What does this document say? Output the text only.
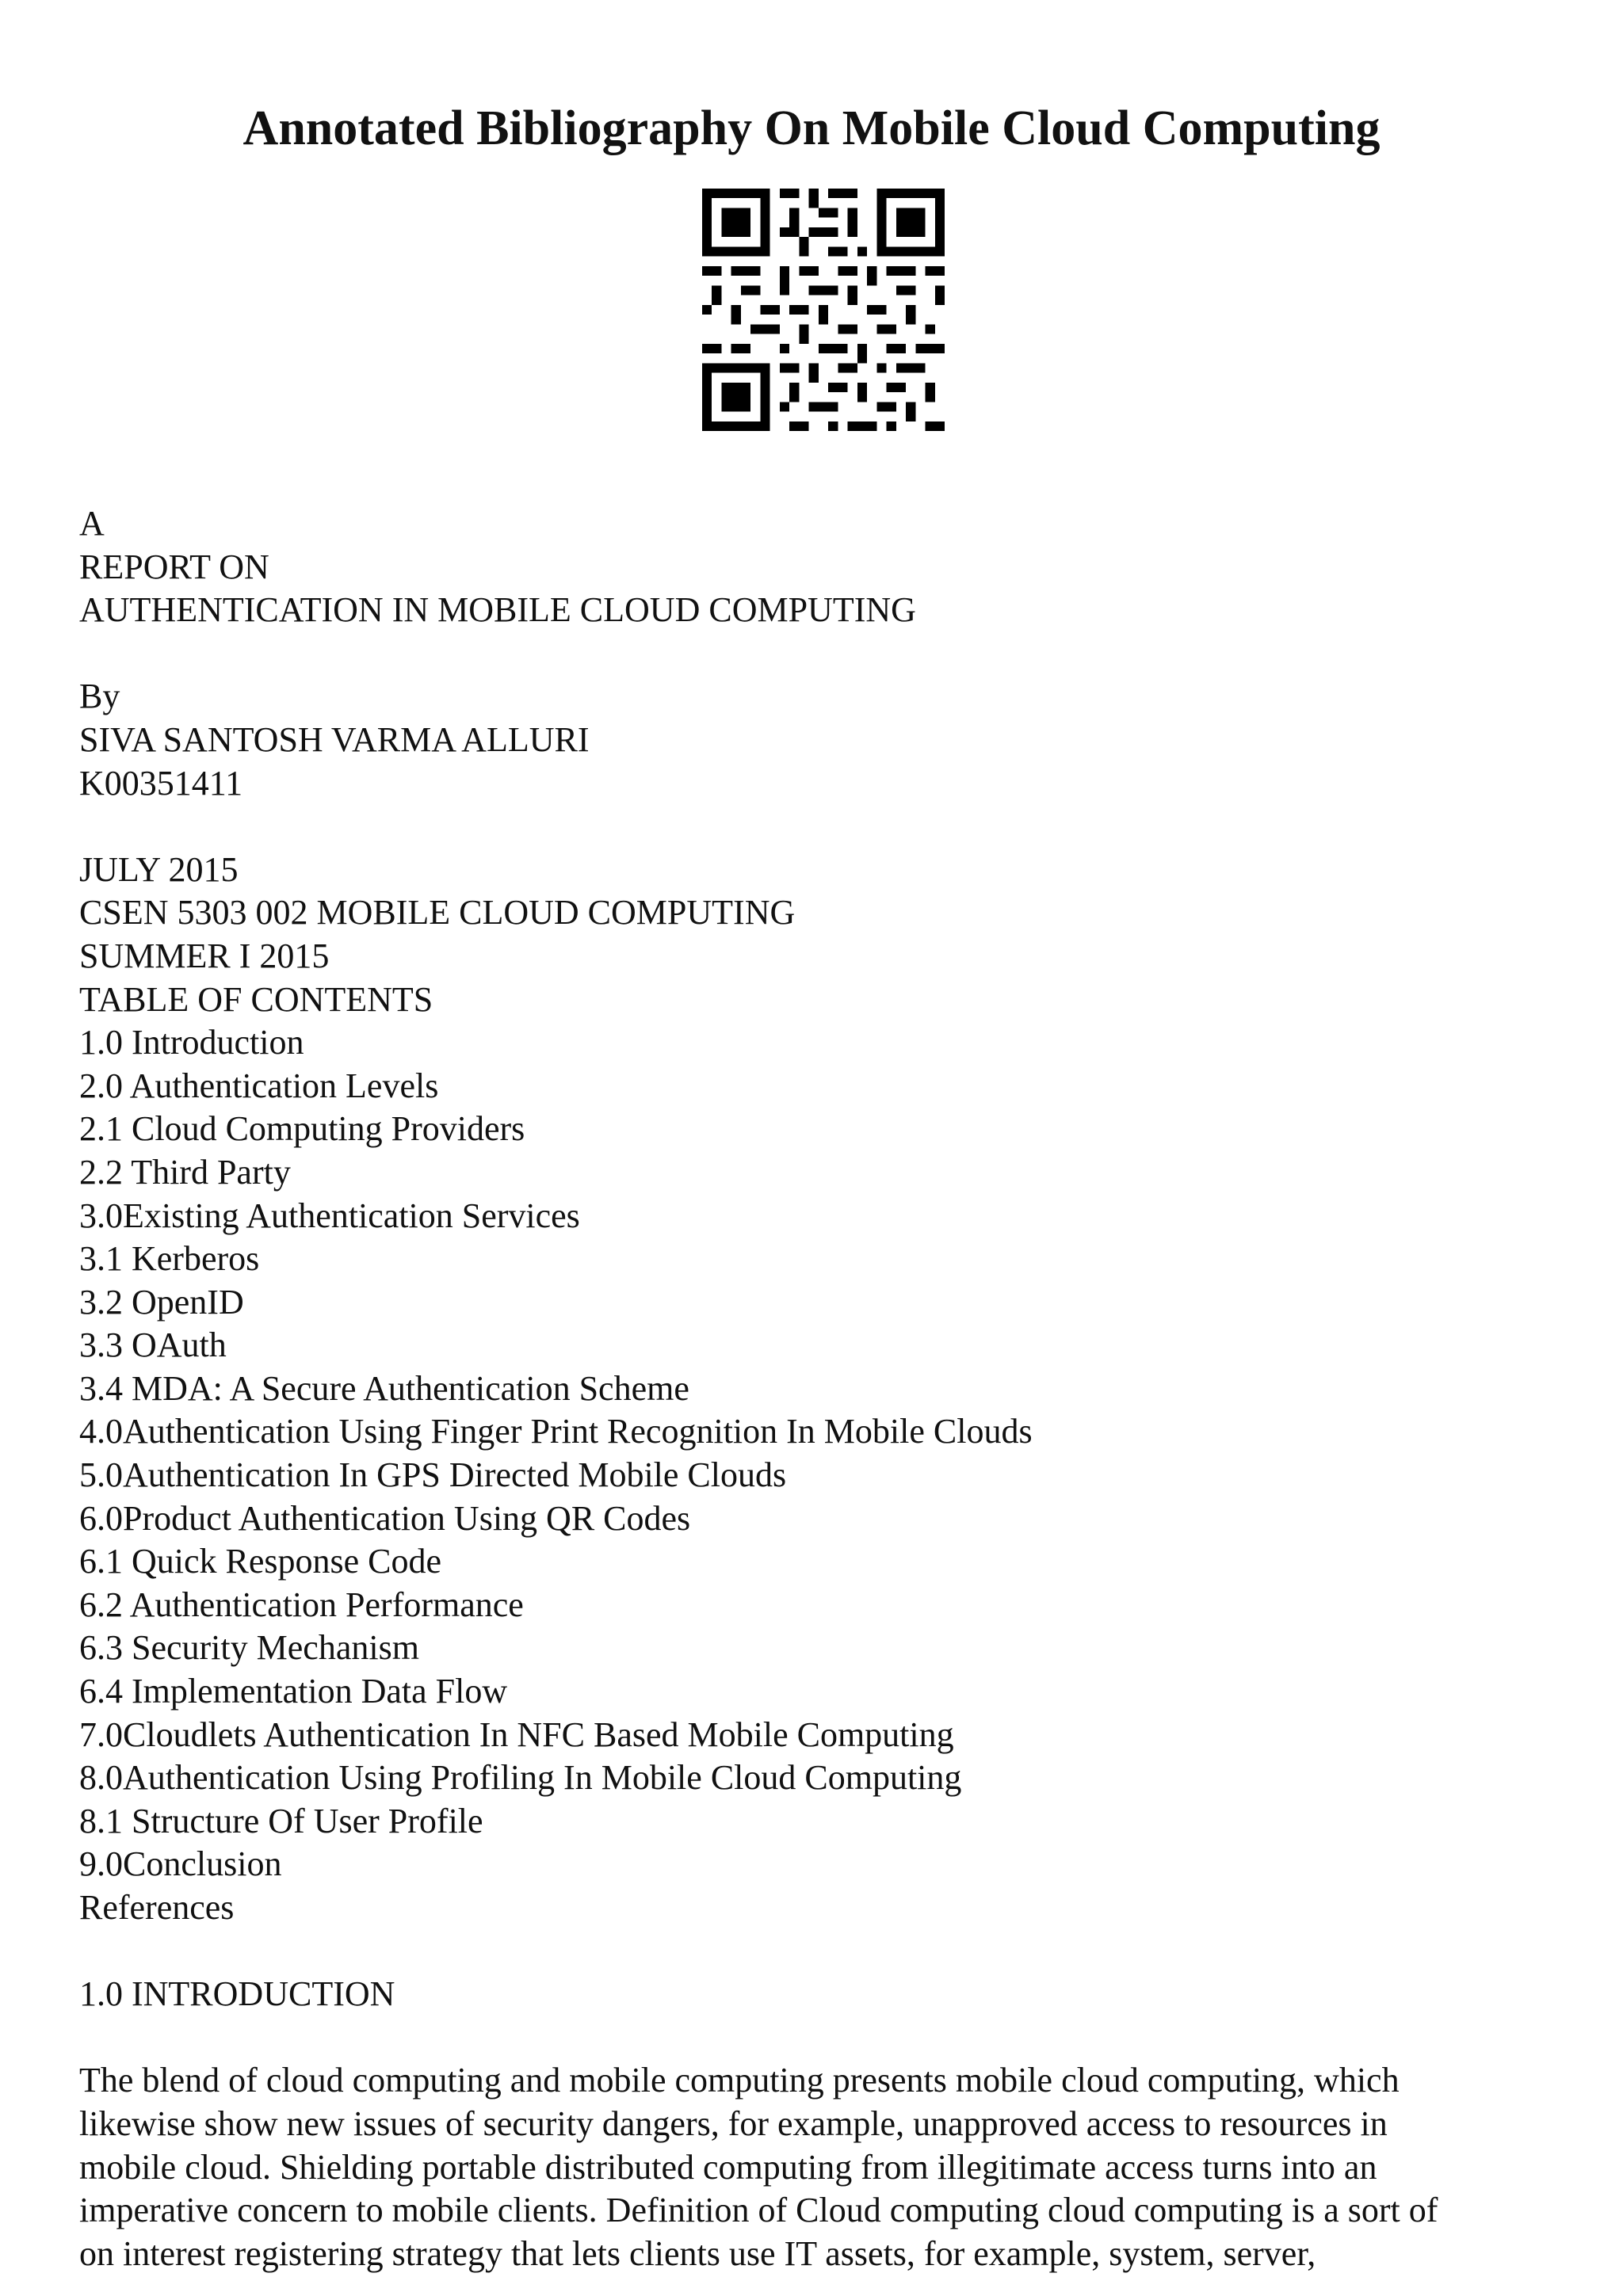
Annotated Bibliography On Mobile Cloud Computing
A
REPORT ON
AUTHENTICATION IN MOBILE CLOUD COMPUTING
By
SIVA SANTOSH VARMA ALLURI
K00351411
JULY 2015
CSEN 5303 002 MOBILE CLOUD COMPUTING
SUMMER I 2015
TABLE OF CONTENTS
1.0 Introduction
2.0 Authentication Levels
2.1 Cloud Computing Providers
2.2 Third Party
3.0Existing Authentication Services
3.1 Kerberos
3.2 OpenID
3.3 OAuth
3.4 MDA: A Secure Authentication Scheme
4.0Authentication Using Finger Print Recognition In Mobile Clouds
5.0Authentication In GPS Directed Mobile Clouds
6.0Product Authentication Using QR Codes
6.1 Quick Response Code
6.2 Authentication Performance
6.3 Security Mechanism
6.4 Implementation Data Flow
7.0Cloudlets Authentication In NFC Based Mobile Computing
8.0Authentication Using Profiling In Mobile Cloud Computing
8.1 Structure Of User Profile
9.0Conclusion
References
1.0 INTRODUCTION
The blend of cloud computing and mobile computing presents mobile cloud computing, which
likewise show new issues of security dangers, for example, unapproved access to resources in
mobile cloud. Shielding portable distributed computing from illegitimate access turns into an
imperative concern to mobile clients. Definition of Cloud computing cloud computing is a sort of
on interest registering strategy that lets clients use IT assets, for example, system, server,
